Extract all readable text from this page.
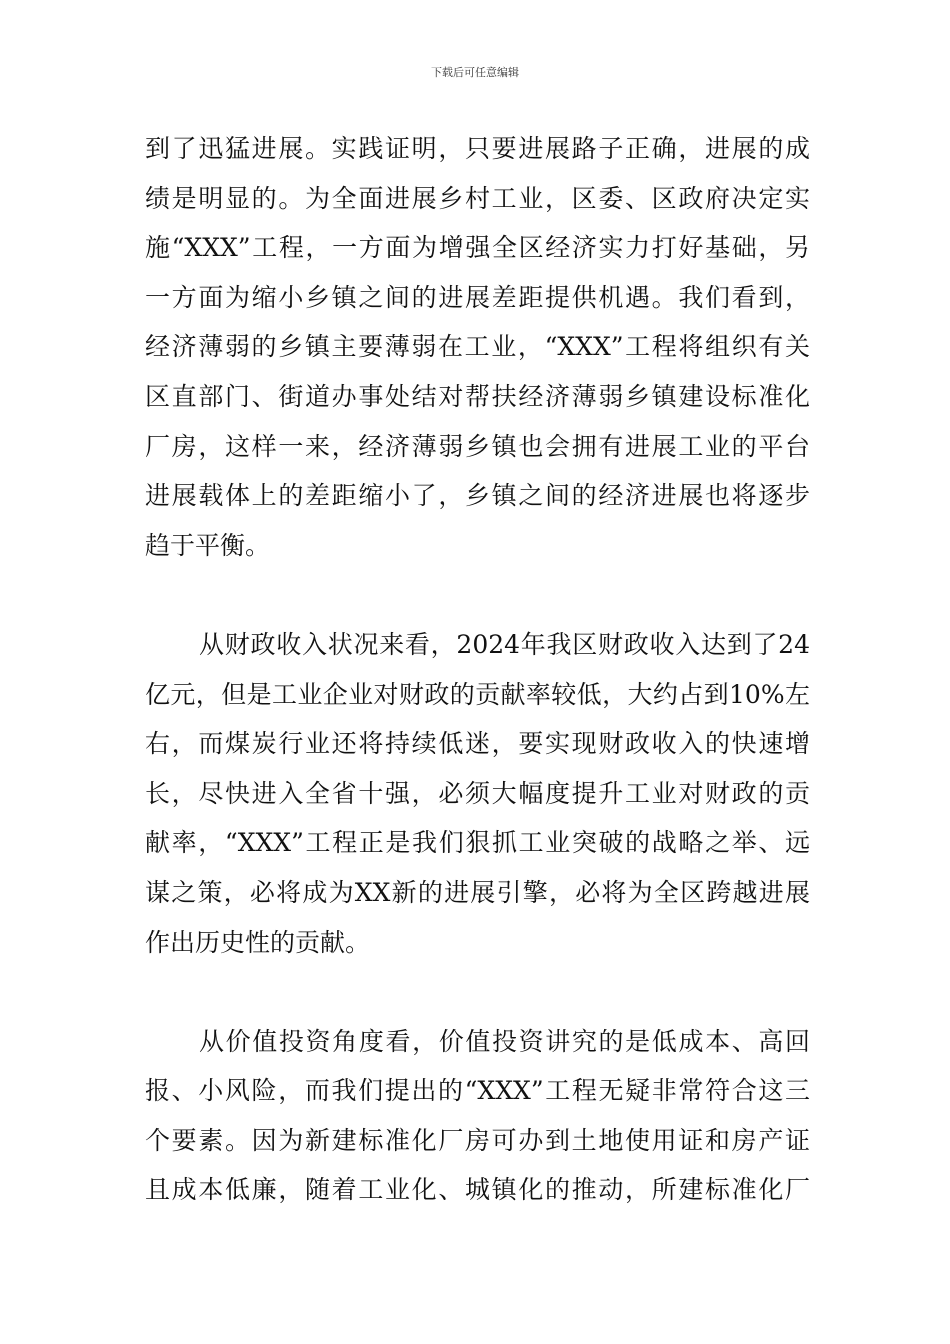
下载后可任意编辑
到了迅猛进展。实践证明，只要进展路子正确，进展的成
绩是明显的。为全面进展乡村工业，区委、区政府决定实
施“XXX”工程，一方面为增强全区经济实力打好基础，另
一方面为缩小乡镇之间的进展差距提供机遇。我们看到，
经济薄弱的乡镇主要薄弱在工业，“XXX”工程将组织有关
区直部门、街道办事处结对帮扶经济薄弱乡镇建设标准化
厂房，这样一来，经济薄弱乡镇也会拥有进展工业的平台
进展载体上的差距缩小了，乡镇之间的经济进展也将逐步
趋于平衡。
从财政收入状况来看，2024年我区财政收入达到了24
亿元，但是工业企业对财政的贡献率较低，大约占到10%左
右，而煤炭行业还将持续低迷，要实现财政收入的快速增
长，尽快进入全省十强，必须大幅度提升工业对财政的贡
献率，“XXX”工程正是我们狠抓工业突破的战略之举、远
谋之策，必将成为XX新的进展引擎，必将为全区跨越进展
作出历史性的贡献。
从价值投资角度看，价值投资讲究的是低成本、高回
报、小风险，而我们提出的“XXX”工程无疑非常符合这三
个要素。因为新建标准化厂房可办到土地使用证和房产证
且成本低廉，随着工业化、城镇化的推动，所建标准化厂
